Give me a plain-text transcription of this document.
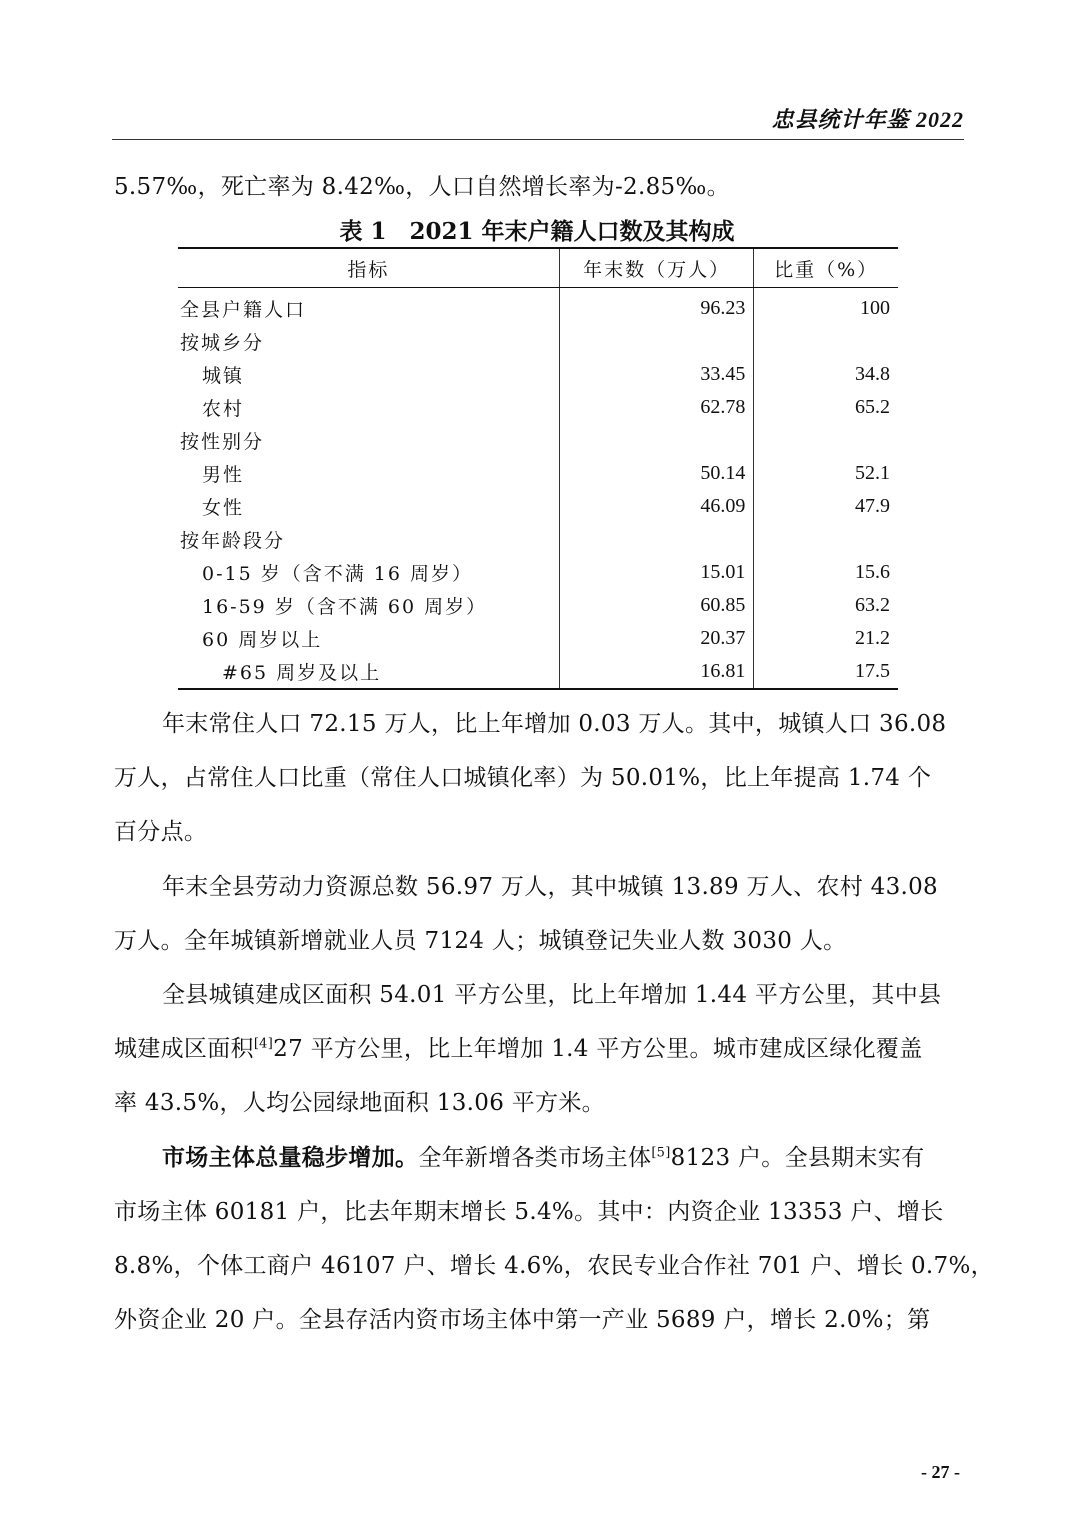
忠县统计年鉴 2022
5.57‰，死亡率为 8.42‰，人口自然增长率为-2.85‰。
表 1　2021 年末户籍人口数及其构成
指标	年末数（万人）	比重（%）
全县户籍人口	96.23	100
按城乡分		
城镇	33.45	34.8
农村	62.78	65.2
按性别分		
男性	50.14	52.1
女性	46.09	47.9
按年龄段分		
0-15 岁（含不满 16 周岁）	15.01	15.6
16-59 岁（含不满 60 周岁）	60.85	63.2
60 周岁以上	20.37	21.2
#65 周岁及以上	16.81	17.5
年末常住人口 72.15 万人，比上年增加 0.03 万人。其中，城镇人口 36.08
万人，占常住人口比重（常住人口城镇化率）为 50.01%，比上年提高 1.74 个
百分点。
年末全县劳动力资源总数 56.97 万人，其中城镇 13.89 万人、农村 43.08
万人。全年城镇新增就业人员 7124 人；城镇登记失业人数 3030 人。
全县城镇建成区面积 54.01 平方公里，比上年增加 1.44 平方公里，其中县
城建成区面积[4]27 平方公里，比上年增加 1.4 平方公里。城市建成区绿化覆盖
率 43.5%，人均公园绿地面积 13.06 平方米。
市场主体总量稳步增加。全年新增各类市场主体[5]8123 户。全县期末实有
市场主体 60181 户，比去年期末增长 5.4%。其中：内资企业 13353 户、增长
8.8%，个体工商户 46107 户、增长 4.6%，农民专业合作社 701 户、增长 0.7%，
外资企业 20 户。全县存活内资市场主体中第一产业 5689 户，增长 2.0%；第
- 27 -
